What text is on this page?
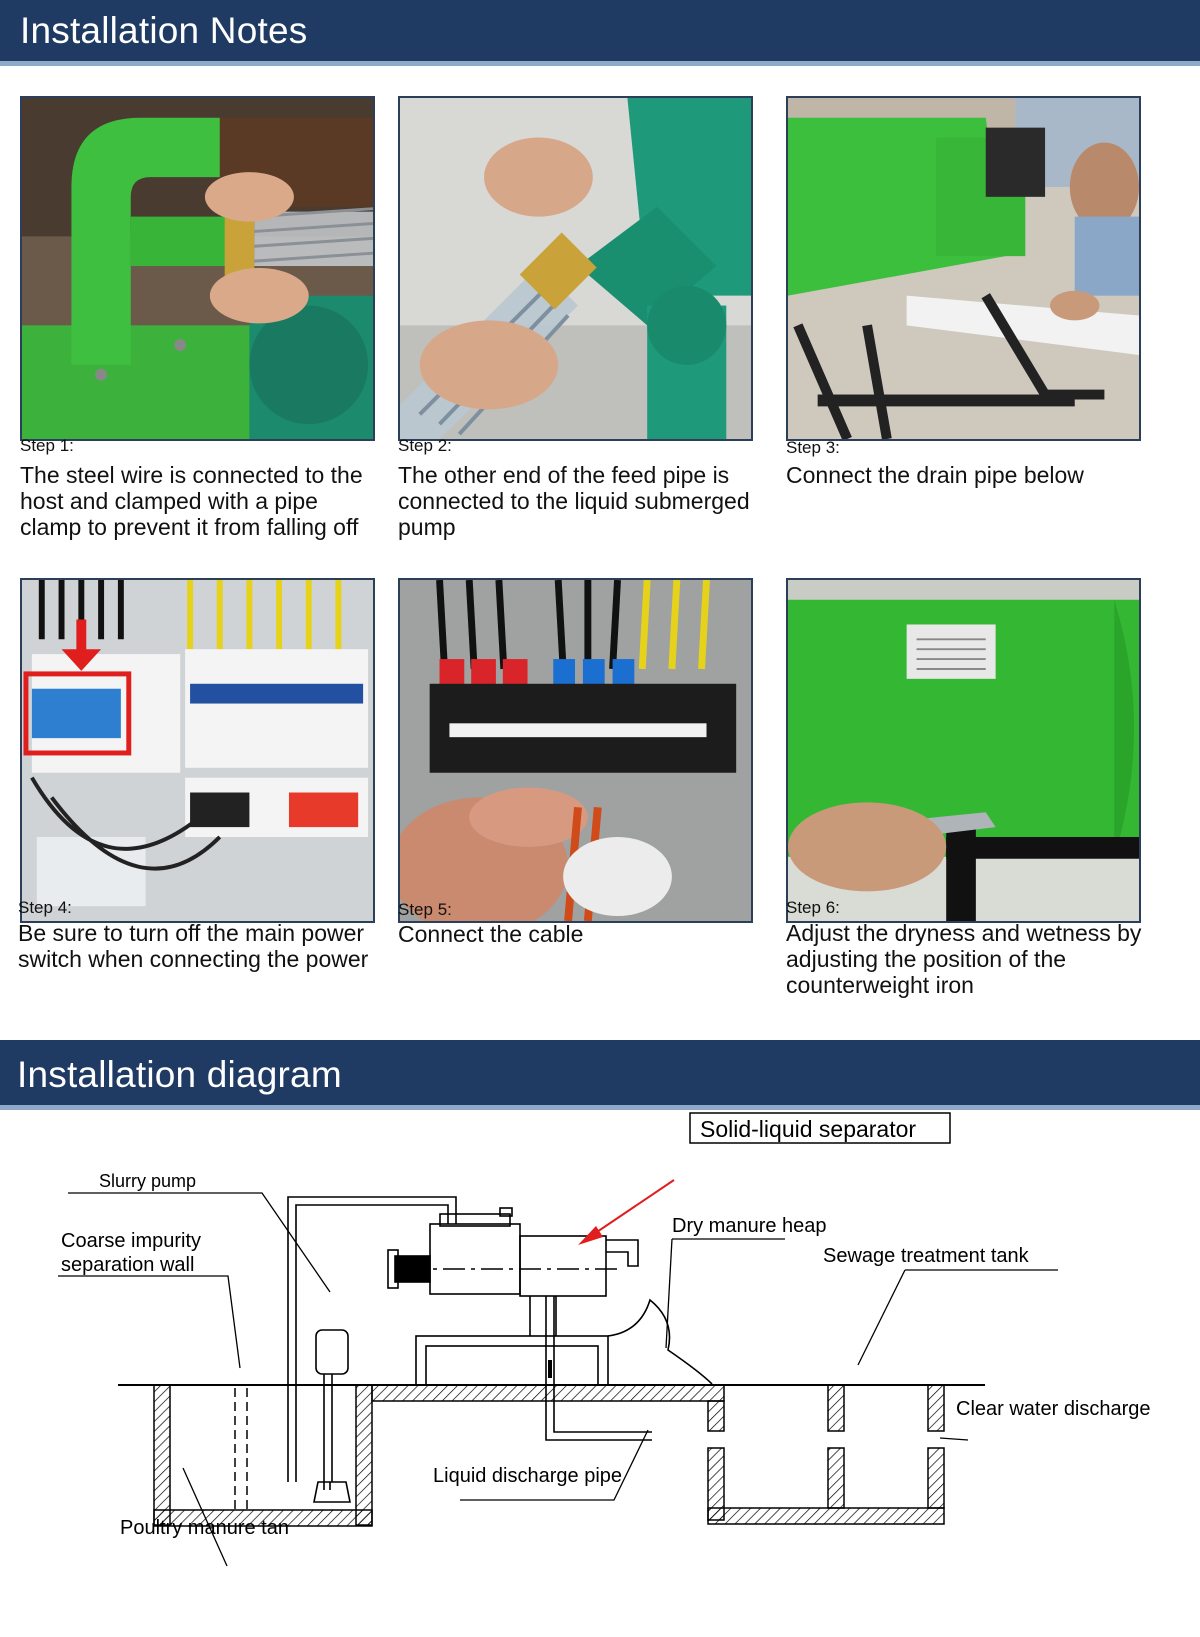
Installation Notes
Step 1:
The steel wire is connected to the host and clamped with a pipe clamp to prevent it from falling off
Step 2:
The other end of the feed pipe is connected to the liquid submerged pump
Step 3:
Connect the drain pipe below
Step 4:
Be sure to turn off the main power switch when connecting the power
Step 5:
Connect the cable
Step 6:
Adjust the dryness and wetness by adjusting the position of the counterweight iron
Installation diagram
Solid-liquid separator
Slurry pump
Coarse impurity
separation wall
Dry manure heap
Sewage treatment tank
Clear water discharge
Liquid discharge pipe
Poultry manure tan
